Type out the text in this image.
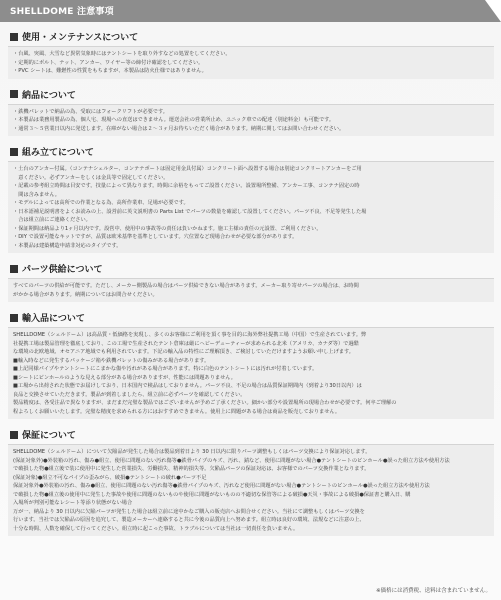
SHELLDOME 注意事項
使用・メンテナンスについて
・台風、突風、大雪など異常気象時にはテントシートを取り外すなどの処置をしてください。
・定期的にボルト、ナット、アンカー、ワイヤー等の締付け確認をしてください。
・PVC シートは、難燃性の性質をもちますが、本製品は防火仕様ではありません。
納品について
・鉄機パレットで納品の為、受取にはフォークリフトが必要です。
・本製品は業務用製品の為、個人宅、現場への直送はできません。運送会社の営業所止め、ユニック車での配達（別途料金）も可能です。
・通常３～５営業日以内に発送します。在庫がない場合は２～３ヶ月お待ちいただく場合があります。納期に関してはお問い合わせください。
組み立てについて
・土台のアンカー付属。（コンテナシェルター、コンテナポートは固定用金具付属）コンクリート面へ設置する場合は別途コンクリートアンカーをご用
　意ください。必ずアンカーをしくは金具等で固定してください。
・記載の参考組立時間は目安です。技量によって異なります。時間に余裕をもってご設置ください。設置場所整備、アンカー工事、コンテナ固定の時
　間は含みません。
・モデルによっては高所での作業となる為、高所作業車、足場が必要です。
・日本語補足説明書をよくお読みの上、設営前に英文説明書の Parts List でパーツの数量を確認して設置してください。パーツ不良、不足等発生した場
　合は組立前にご連絡ください。
・保証期間は納品より1ヶ月以内です。設営中、使用中の事故等の責任は負いかねます。施工主様の責任の元設置、ご利用ください。
・DIY で設置可能なキットですが、品質は欧米基準を基準としています。穴位置など現場合わせが必要な部分があります。
・本製品は建築構造申請非対応のタイプです。
パーツ供給について
すべてのパーツの供給が可能です。ただし、メーカー側製品の場合はパーツ供給できない場合があります。メーカー取り寄せパーツの場合は、お時間
がかかる場合があります。納期についてはお問合せください。
輸入品について
SHELLDOME（シェルドーム）は高品質・低価格を実現し、多くのお客様にご利用を頂く事を目的に海外弊社提携工場（中国）で生産されています。弊
社提携工場は製品管理を徹底しており、この工場で生産されたテント倉庫は厳にヘビーデューティーが求められる北米（アメリカ、カナダ等）で過酷
な環境の北欧地域、オセアニア地域でも利用されています。下記の輸入品の特性にご理解頂き、ご検討していただけますようお願い申し上げます。
■輸入時などに発生するパッケージ箱や鉄機パレットの傷みがある場合があります。
■上記同様パイプやテントシートにこまかな傷や汚れがある場合があります。特に白色のテントシートには汚れが付着しています。
■シートにピンホールのような見える部分がある場合がありますが、性能には問題ありません。
■工場から出荷された状態でお届けしており、日本国内で検品はしておりません。パーツ不良、不足の場合は品質保証期間内（到着より30日以内）は
良品と交換させていただきます。製品が到着しましたら、組立前に必ずパーツを確認してください。
製品精度は、各受注品で異なりますが、まだまだ完璧な製品ではございませんが予めご了承ください。細かい部分や設置場所の現場合わせが必要です。何卒ご理解の
程よろしくお願いいたします。完璧な精度を求められる方にはおすすめできません。使用上に問題がある場合は商品を販売しておりません。
保証について
SHELLDOME（シェルドーム）について欠陥品が発生した場合は製品到着日より 30 日以内に限りパーツ調整もしくはパーツ交換により保証対応します。
(保証対象外)●外装箱の汚れ、傷み●組立、使用に問題のない汚れ傷等●鉄骨パイプのキズ、汚れ、錆など、使用に問題がない場合●テントシートのピンホール●誤った組立方法や使用方法
で破損した物●組立後で装に使用中に発生した営業損失、労働損失、精神的損失等。欠陥品パーツの保証対応は、お客様でのパーツ交換作業となります。
(保証対象)●組立不可なパイプの歪みがら、破損●テントシートの破れ●パーツ不足
保証対象外●外装箱の汚れ、傷み●組立、使用に問題のない汚れ傷等●鉄骨パイプのキズ、汚れなど使用に問題がない場合●テントシートのピンホール●誤った組立方法や使用方法
で破損した物●組立後の使用中に発生した事故や使用に問題のないものや使用に問題がないものの不適切な保管等による破損●天災・事故による破損●保証書と購入日、購
入場所が判別可能なレシート等添り状態がない場合
万が一、納品より 30 日以内に欠陥パーツが発生した場合は組立前に途中かなご購入の販売店へお問合せください。当社にて調整もしくはパーツ交換を
行います。当社では欠陥品の原因を追究して、製造メーカーへ連絡すると共に今後の品質向上へ努めます。組立時は良好の環境、法規などに注意の上、
十分な時間、人数を確保して行ってください。組立時に起こった事故、トラブルについては当社は一切責任を負いません。
※価格には消費税、送料は含まれていません。
